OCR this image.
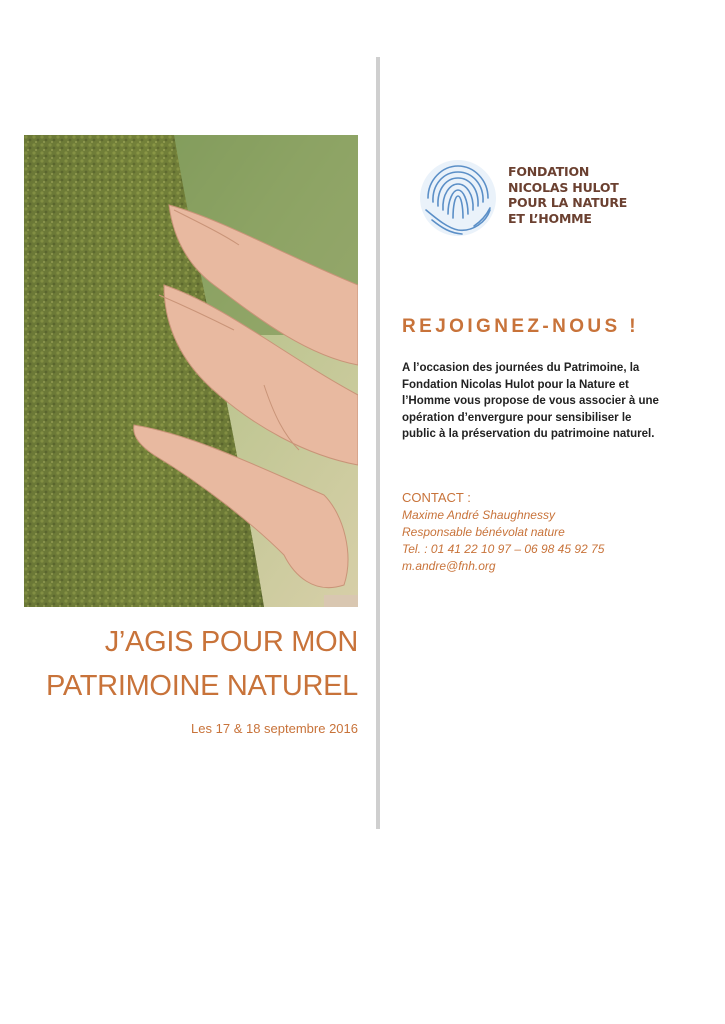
J’AGIS POUR MON
PATRIMOINE NATUREL
Les 17 & 18 septembre 2016
FONDATION
NICOLAS HULOT
POUR LA NATURE
ET L’HOMME
REJOIGNEZ-NOUS !
A l’occasion des journées du Patrimoine, la
Fondation Nicolas Hulot pour la Nature et
l’Homme vous propose de vous associer à une
opération d’envergure pour sensibiliser le
public à la préservation du patrimoine naturel.
CONTACT :
Maxime André Shaughnessy
Responsable bénévolat nature
Tel. : 01 41 22 10 97 – 06 98 45 92 75
m.andre@fnh.org
